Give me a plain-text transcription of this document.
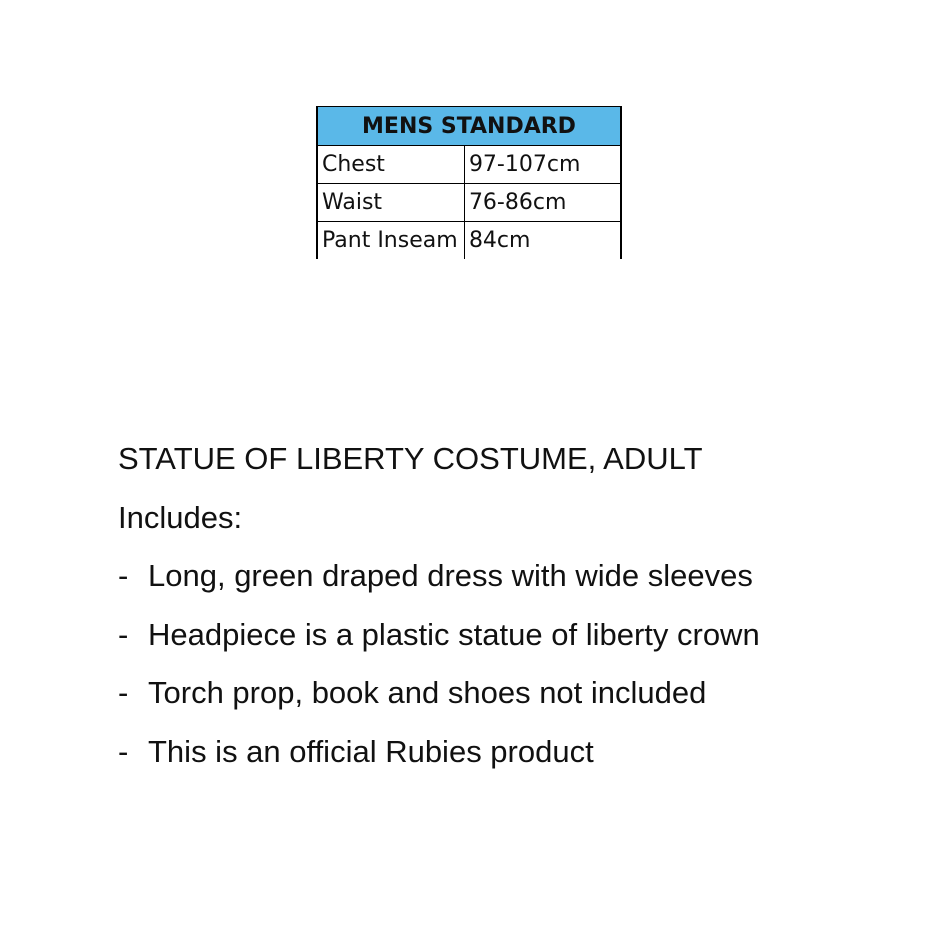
MENS STANDARD	
Chest	97-107cm
Waist	76-86cm
Pant Inseam	84cm
STATUE OF LIBERTY COSTUME, ADULT
Includes:
- Long, green draped dress with wide sleeves
- Headpiece is a plastic statue of liberty crown
- Torch prop, book and shoes not included
- This is an official Rubies product
